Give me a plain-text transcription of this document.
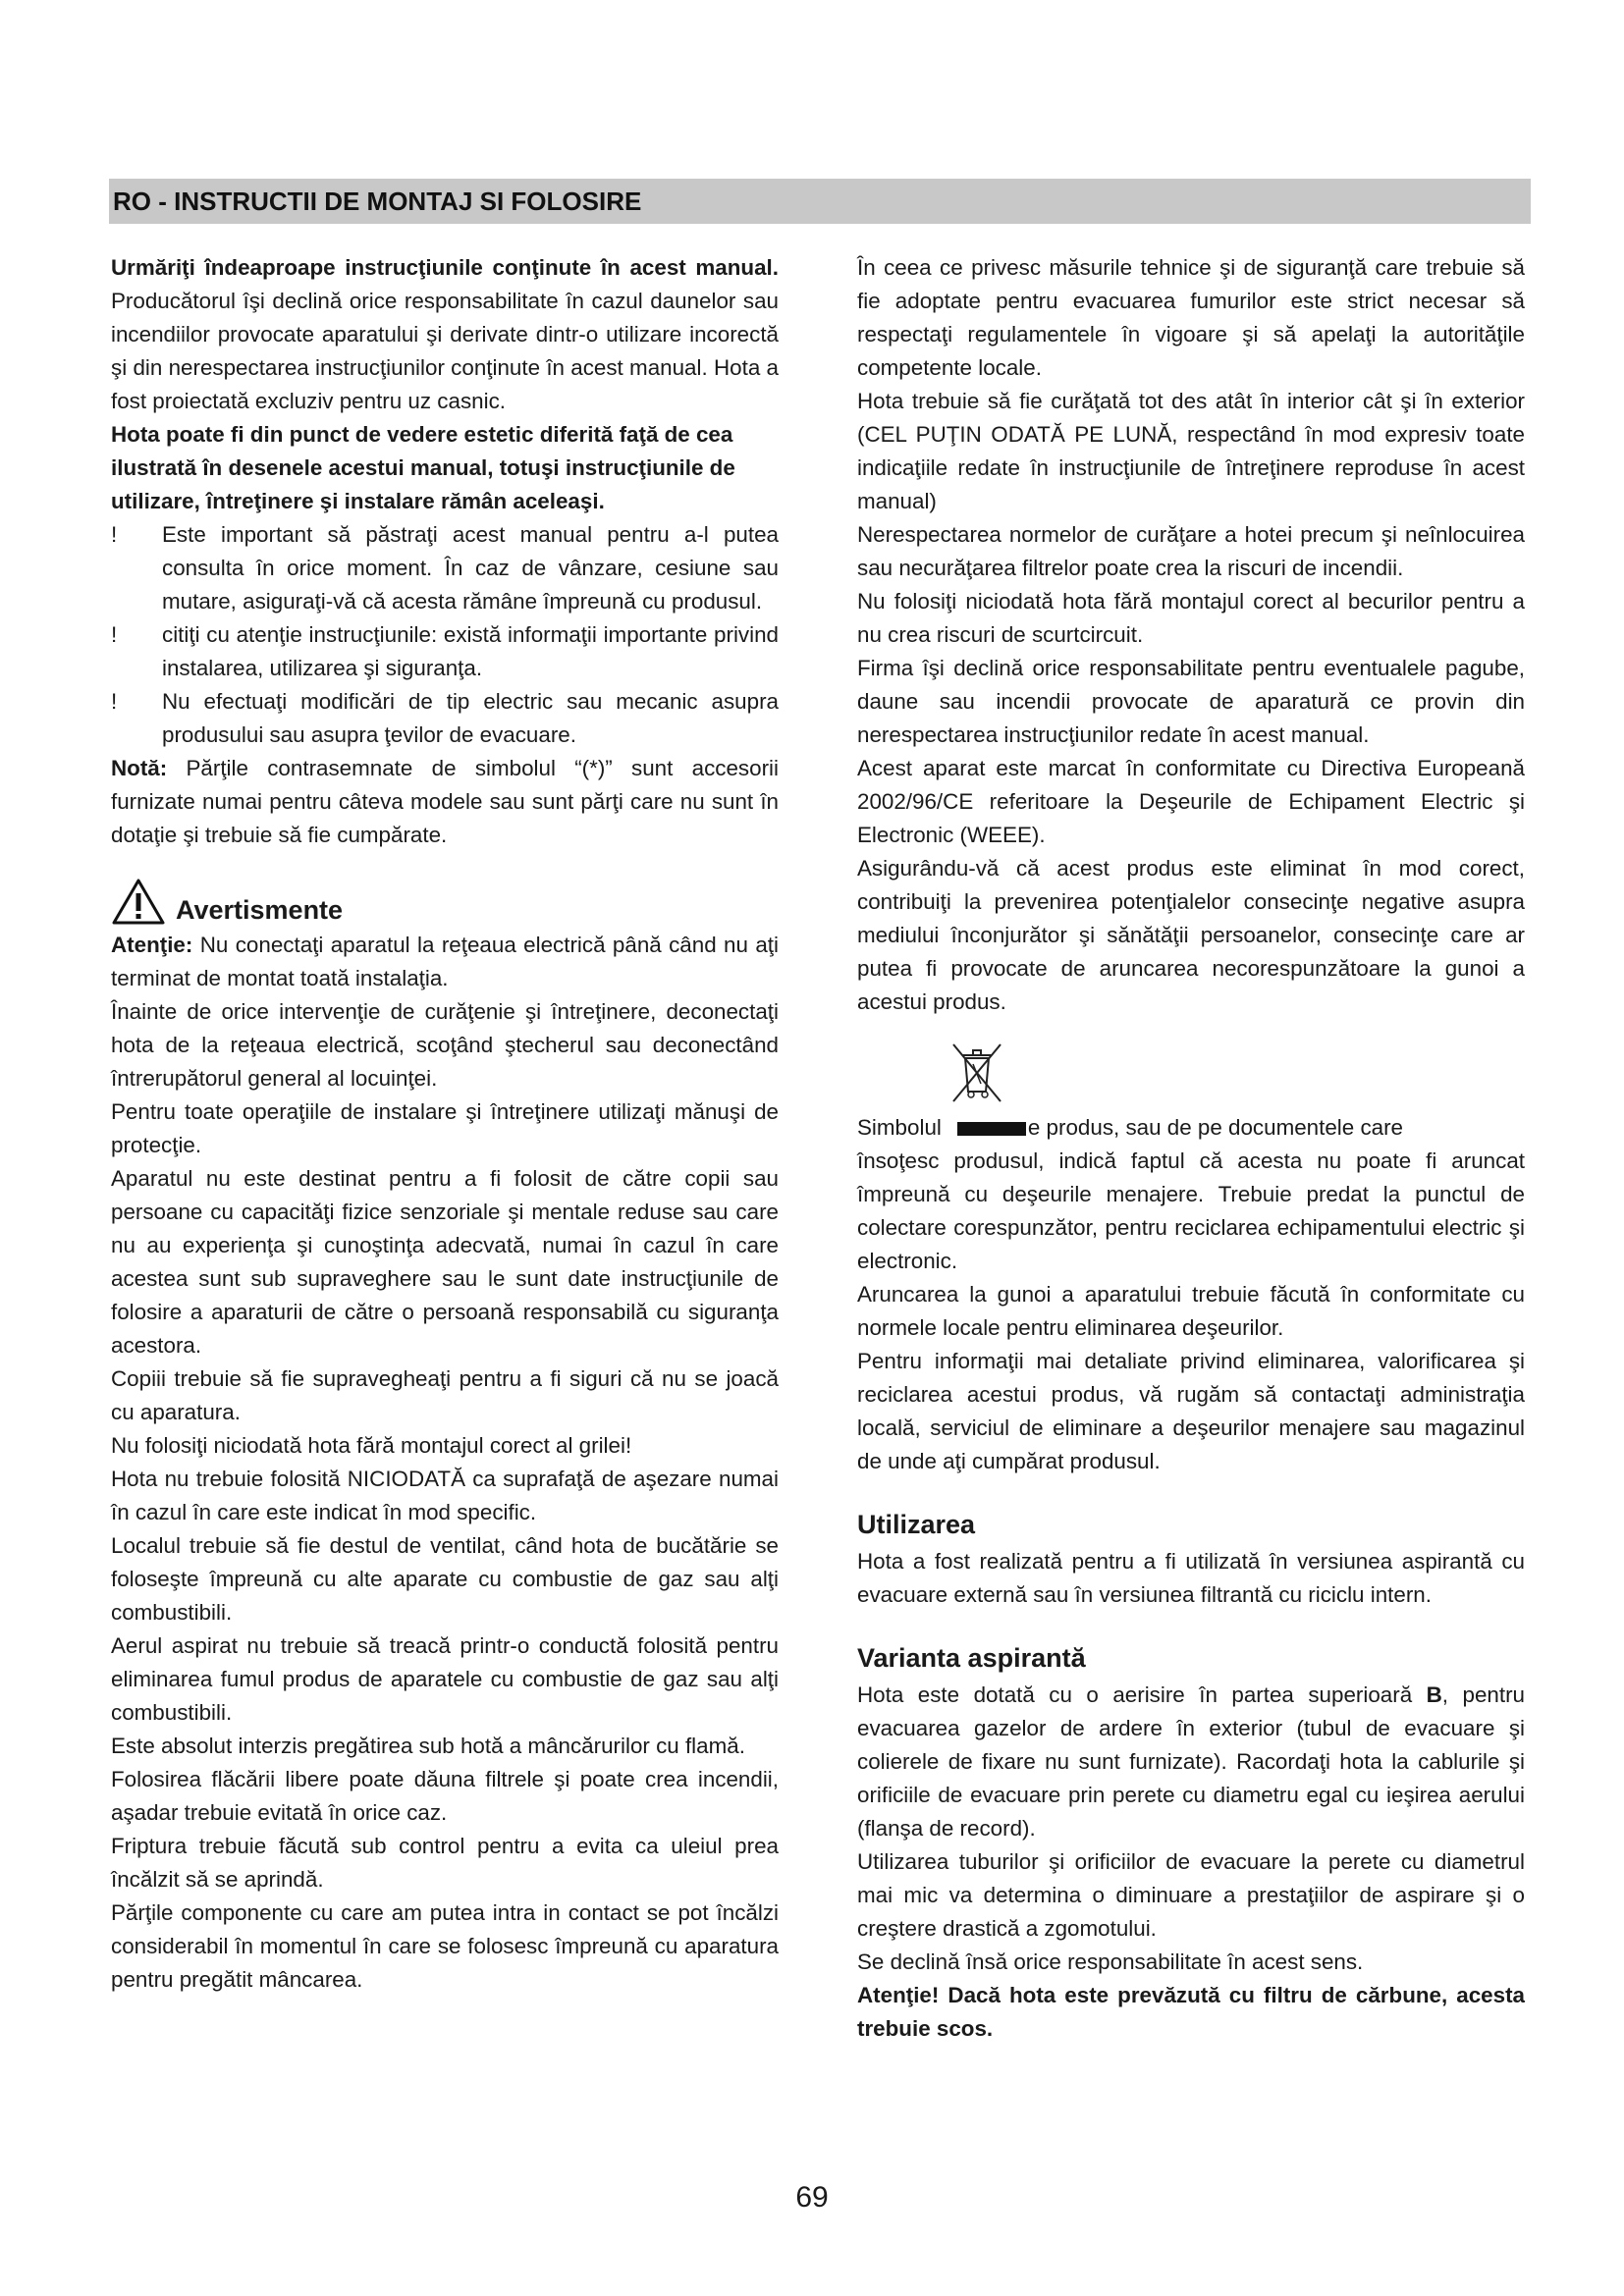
RO - INSTRUCTII DE MONTAJ SI FOLOSIRE

Urmăriţi îndeaproape instrucţiunile conţinute în acest manual. Producătorul îşi declină orice responsabilitate în cazul daunelor sau incendiilor provocate aparatului şi derivate dintr-o utilizare incorectă şi din nerespectarea instrucţiunilor conţinute în acest manual. Hota a fost proiectată excluziv pentru uz casnic.

Hota poate fi din punct de vedere estetic diferită faţă de cea ilustrată în desenele acestui manual, totuşi instrucţiunile de utilizare, întreţinere şi instalare rămân aceleaşi.

!	Este important să păstraţi acest manual pentru a-l putea consulta în orice moment. În caz de vânzare, cesiune sau mutare, asiguraţi-vă că acesta rămâne împreună cu produsul.
!	citiţi cu atenţie instrucţiunile: există informaţii importante privind instalarea, utilizarea şi siguranţa.
!	Nu efectuaţi modificări de tip electric sau mecanic asupra produsului sau asupra ţevilor de evacuare.

Notă: Părţile contrasemnate de simbolul “(*)” sunt accesorii furnizate numai pentru câteva modele sau sunt părţi care nu sunt în dotaţie şi trebuie să fie cumpărate.

Avertismente

Atenţie: Nu conectaţi aparatul la reţeaua electrică până când nu aţi terminat de montat toată instalaţia.

Înainte de orice intervenţie de curăţenie şi întreţinere, deconectaţi hota de la reţeaua electrică, scoţând ştecherul sau deconectând întrerupătorul general al locuinţei.

Pentru toate operaţiile de instalare şi întreţinere utilizaţi mănuşi de protecţie.

Aparatul nu este destinat pentru a fi folosit de către copii sau persoane cu capacităţi fizice senzoriale şi mentale reduse sau care nu au experienţa şi cunoştinţa adecvată, numai în cazul în care acestea sunt sub supraveghere sau le sunt date instrucţiunile de folosire a aparaturii de către o persoană responsabilă cu siguranţa acestora.

Copiii trebuie să fie supravegheaţi pentru a fi siguri că nu se joacă cu aparatura.

Nu folosiţi niciodată hota fără montajul corect al grilei!

Hota nu trebuie folosită NICIODATĂ ca suprafaţă de aşezare numai în cazul în care este indicat în mod specific.

Localul trebuie să fie destul de ventilat, când hota de bucătărie se foloseşte împreună cu alte aparate cu combustie de gaz sau alţi combustibili.

Aerul aspirat nu trebuie să treacă printr-o conductă folosită pentru eliminarea fumul produs de aparatele cu combustie de gaz sau alţi combustibili.

Este absolut interzis pregătirea sub hotă a mâncărurilor cu flamă.

Folosirea flăcării libere poate dăuna filtrele şi poate crea incendii, aşadar trebuie evitată în orice caz.

Friptura trebuie făcută sub control pentru a evita ca uleiul prea încălzit să se aprindă.

Părţile componente cu care am putea intra in contact se pot încălzi considerabil în momentul în care se folosesc împreună cu aparatura pentru pregătit mâncarea.

În ceea ce privesc măsurile tehnice şi de siguranţă care trebuie să fie adoptate pentru evacuarea fumurilor este strict necesar să respectaţi regulamentele în vigoare şi să apelaţi la autorităţile competente locale.

Hota trebuie să fie curăţată tot des atât în interior cât şi în exterior (CEL PUŢIN ODATĂ PE LUNĂ, respectând în mod expresiv toate indicaţiile redate în instrucţiunile de întreţinere reproduse în acest manual)

Nerespectarea normelor de curăţare a hotei precum şi neînlocuirea sau necurăţarea filtrelor poate crea la riscuri de incendii.

Nu folosiţi niciodată hota fără montajul corect al becurilor pentru a nu crea riscuri de scurtcircuit.

Firma îşi declină orice responsabilitate pentru eventualele pagube, daune sau incendii provocate de aparatură ce provin din nerespectarea instrucţiunilor redate în acest manual.

Acest aparat este marcat în conformitate cu Directiva Europeană 2002/96/CE referitoare la Deşeurile de Echipament Electric şi Electronic (WEEE).

Asigurându-vă că acest produs este eliminat în mod corect, contribuiţi la prevenirea potenţialelor consecinţe negative asupra mediului înconjurător şi sănătăţii persoanelor, consecinţe care ar putea fi provocate de aruncarea necorespunzătoare la gunoi a acestui produs.

Simbolul	e produs, sau de pe documentele care

însoţesc produsul, indică faptul că acesta nu poate fi aruncat împreună cu deşeurile menajere. Trebuie predat la punctul de colectare corespunzător, pentru reciclarea echipamentului electric şi electronic.

Aruncarea la gunoi a aparatului trebuie făcută în conformitate cu normele locale pentru eliminarea deşeurilor.

Pentru informaţii mai detaliate privind eliminarea, valorificarea şi reciclarea acestui produs, vă rugăm să contactaţi administraţia locală, serviciul de eliminare a deşeurilor menajere sau magazinul de unde aţi cumpărat produsul.

Utilizarea

Hota a fost realizată pentru a fi utilizată în versiunea aspirantă cu evacuare externă sau în versiunea filtrantă cu riciclu intern.

Varianta aspirantă

Hota este dotată cu o aerisire în partea superioară B, pentru evacuarea gazelor de ardere în exterior (tubul de evacuare şi colierele de fixare nu sunt furnizate). Racordaţi hota la cablurile şi orificiile de evacuare prin perete cu diametru egal cu ieşirea aerului (flanşa de record).

Utilizarea tuburilor şi orificiilor de evacuare la perete cu diametrul mai mic va determina o diminuare a prestaţiilor de aspirare şi o creştere drastică a zgomotului.

Se declină însă orice responsabilitate în acest sens.

Atenţie! Dacă hota este prevăzută cu filtru de cărbune, acesta trebuie scos.

69
